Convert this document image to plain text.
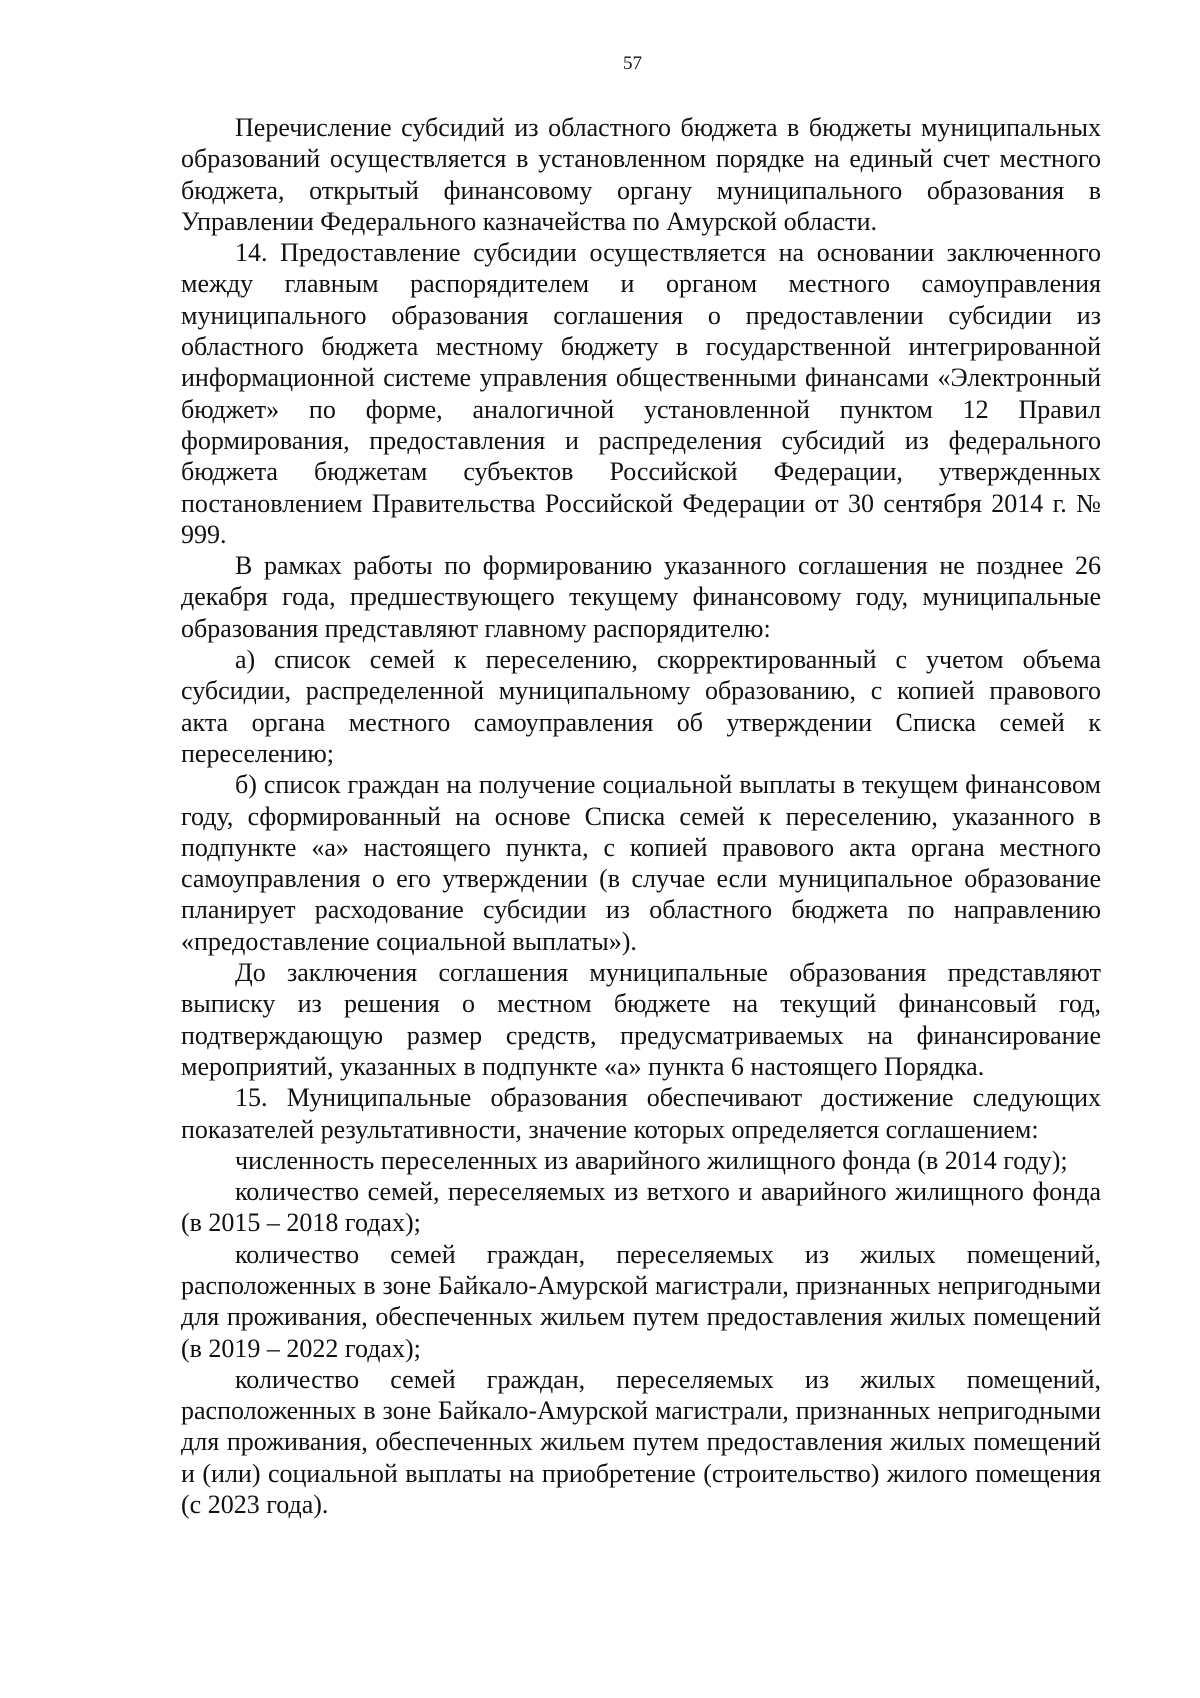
57

Перечисление субсидий из областного бюджета в бюджеты муниципальных образований осуществляется в установленном порядке на единый счет местного бюджета, открытый финансовому органу муниципального образования в Управлении Федерального казначейства по Амурской области.

14. Предоставление субсидии осуществляется на основании заключенного между главным распорядителем и органом местного самоуправления муниципального образования соглашения о предоставлении субсидии из областного бюджета местному бюджету в государственной интегрированной информационной системе управления общественными финансами «Электронный бюджет» по форме, аналогичной установленной пунктом 12 Правил формирования, предоставления и распределения субсидий из федерального бюджета бюджетам субъектов Российской Федерации, утвержденных постановлением Правительства Российской Федерации от 30 сентября 2014 г. № 999.

В рамках работы по формированию указанного соглашения не позднее 26 декабря года, предшествующего текущему финансовому году, муниципальные образования представляют главному распорядителю:

а) список семей к переселению, скорректированный с учетом объема субсидии, распределенной муниципальному образованию, с копией правового акта органа местного самоуправления об утверждении Списка семей к переселению;

б) список граждан на получение социальной выплаты в текущем финансовом году, сформированный на основе Списка семей к переселению, указанного в подпункте «а» настоящего пункта, с копией правового акта органа местного самоуправления о его утверждении (в случае если муниципальное образование планирует расходование субсидии из областного бюджета по направлению «предоставление социальной выплаты»).

До заключения соглашения муниципальные образования представляют выписку из решения о местном бюджете на текущий финансовый год, подтверждающую размер средств, предусматриваемых на финансирование мероприятий, указанных в подпункте «а» пункта 6 настоящего Порядка.

15. Муниципальные образования обеспечивают достижение следующих показателей результативности, значение которых определяется соглашением:

численность переселенных из аварийного жилищного фонда (в 2014 году);

количество семей, переселяемых из ветхого и аварийного жилищного фонда (в 2015 – 2018 годах);

количество семей граждан, переселяемых из жилых помещений, расположенных в зоне Байкало-Амурской магистрали, признанных непригодными для проживания, обеспеченных жильем путем предоставления жилых помещений (в 2019 – 2022 годах);

количество семей граждан, переселяемых из жилых помещений, расположенных в зоне Байкало-Амурской магистрали, признанных непригодными для проживания, обеспеченных жильем путем предоставления жилых помещений и (или) социальной выплаты на приобретение (строительство) жилого помещения (с 2023 года).
